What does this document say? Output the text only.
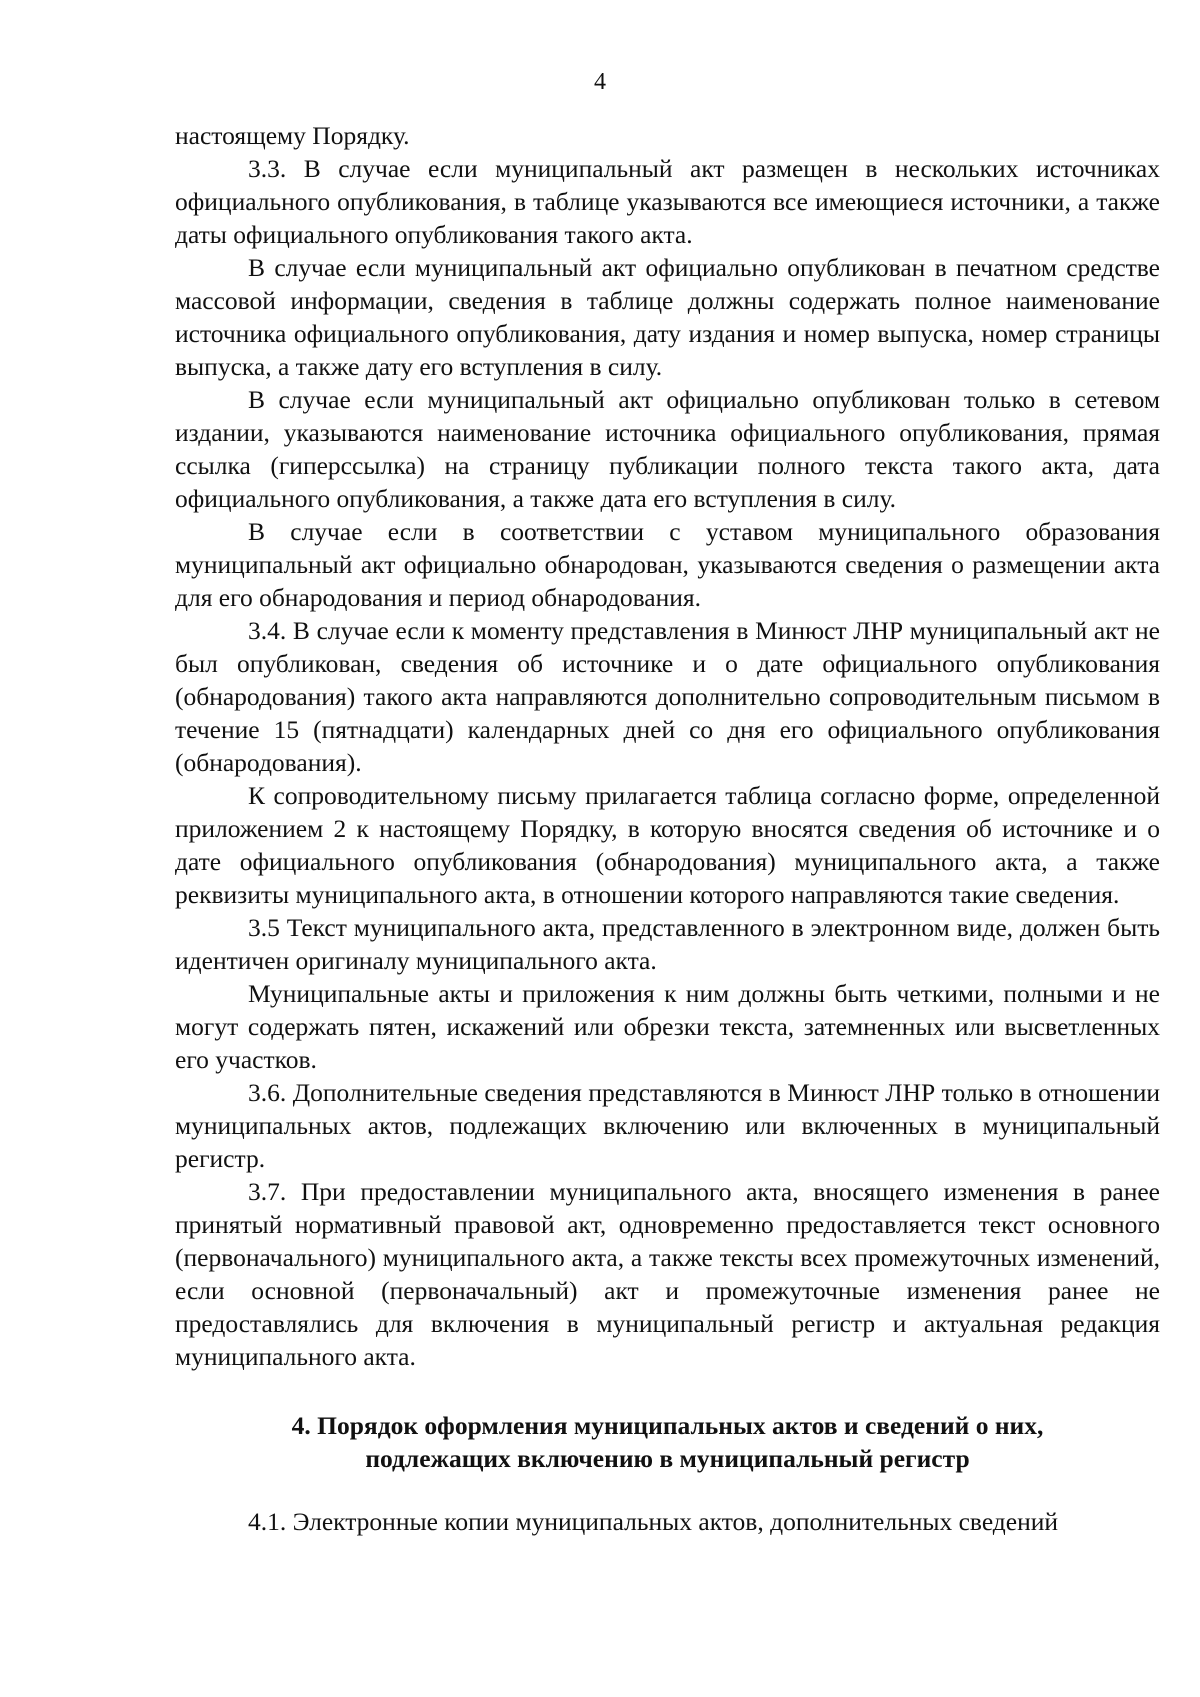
4

настоящему Порядку.

3.3. В случае если муниципальный акт размещен в нескольких источниках официального опубликования, в таблице указываются все имеющиеся источники, а также даты официального опубликования такого акта.

В случае если муниципальный акт официально опубликован в печатном средстве массовой информации, сведения в таблице должны содержать полное наименование источника официального опубликования, дату издания и номер выпуска, номер страницы выпуска, а также дату его вступления в силу.

В случае если муниципальный акт официально опубликован только в сетевом издании, указываются наименование источника официального опубликования, прямая ссылка (гиперссылка) на страницу публикации полного текста такого акта, дата официального опубликования, а также дата его вступления в силу.

В случае если в соответствии с уставом муниципального образования муниципальный акт официально обнародован, указываются сведения о размещении акта для его обнародования и период обнародования.

3.4. В случае если к моменту представления в Минюст ЛНР муниципальный акт не был опубликован, сведения об источнике и о дате официального опубликования (обнародования) такого акта направляются дополнительно сопроводительным письмом в течение 15 (пятнадцати) календарных дней со дня его официального опубликования (обнародования).

К сопроводительному письму прилагается таблица согласно форме, определенной приложением 2 к настоящему Порядку, в которую вносятся сведения об источнике и о дате официального опубликования (обнародования) муниципального акта, а также реквизиты муниципального акта, в отношении которого направляются такие сведения.

3.5 Текст муниципального акта, представленного в электронном виде, должен быть идентичен оригиналу муниципального акта.

Муниципальные акты и приложения к ним должны быть четкими, полными и не могут содержать пятен, искажений или обрезки текста, затемненных или высветленных его участков.

3.6. Дополнительные сведения представляются в Минюст ЛНР только в отношении муниципальных актов, подлежащих включению или включенных в муниципальный регистр.

3.7. При предоставлении муниципального акта, вносящего изменения в ранее принятый нормативный правовой акт, одновременно предоставляется текст основного (первоначального) муниципального акта, а также тексты всех промежуточных изменений, если основной (первоначальный) акт и промежуточные изменения ранее не предоставлялись для включения в муниципальный регистр и актуальная редакция муниципального акта.

4. Порядок оформления муниципальных актов и сведений о них,
подлежащих включению в муниципальный регистр

4.1. Электронные копии муниципальных актов, дополнительных сведений
